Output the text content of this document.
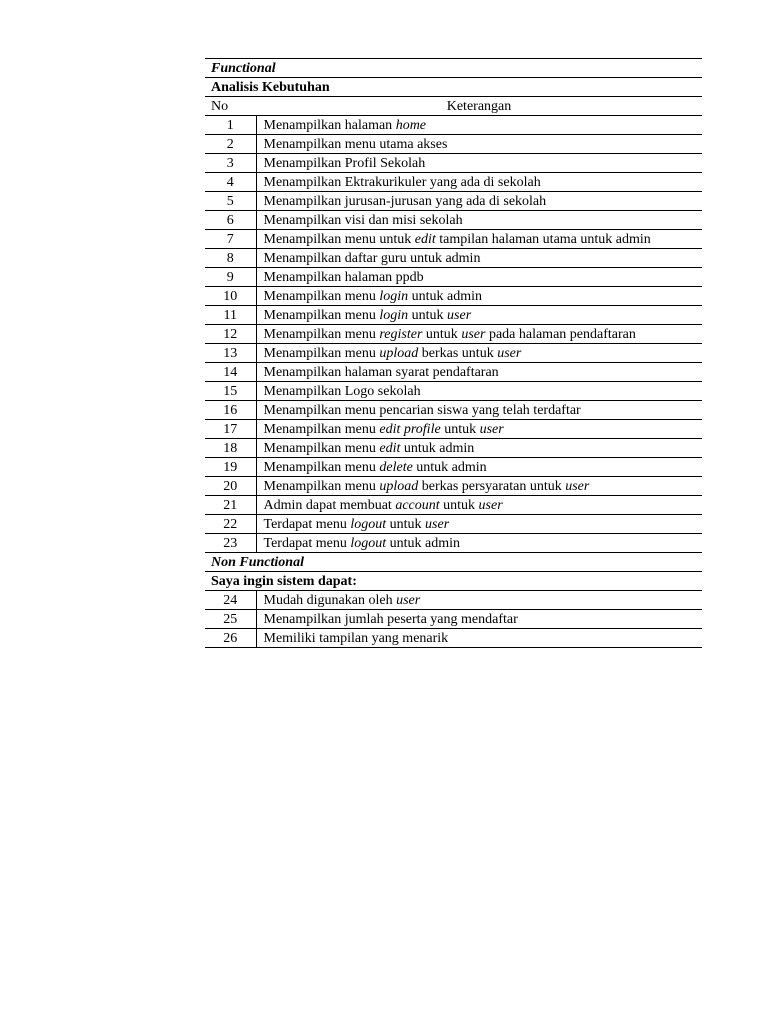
Functional	
Analisis Kebutuhan	
No	Keterangan
1	Menampilkan halaman home
2	Menampilkan menu utama akses
3	Menampilkan Profil Sekolah
4	Menampilkan Ektrakurikuler yang ada di sekolah
5	Menampilkan jurusan-jurusan yang ada di sekolah
6	Menampilkan visi dan misi sekolah
7	Menampilkan menu untuk edit tampilan halaman utama untuk admin
8	Menampilkan daftar guru untuk admin
9	Menampilkan halaman ppdb
10	Menampilkan menu login untuk admin
11	Menampilkan menu login untuk user
12	Menampilkan menu register untuk user pada halaman pendaftaran
13	Menampilkan menu upload berkas untuk user
14	Menampilkan halaman syarat pendaftaran
15	Menampilkan Logo sekolah
16	Menampilkan menu pencarian siswa yang telah terdaftar
17	Menampilkan menu edit profile untuk user
18	Menampilkan menu edit untuk admin
19	Menampilkan menu delete untuk admin
20	Menampilkan menu upload berkas persyaratan untuk user
21	Admin dapat membuat account untuk user
22	Terdapat menu logout untuk user
23	Terdapat menu logout untuk admin
Non Functional	
Saya ingin sistem dapat:	
24	Mudah digunakan oleh user
25	Menampilkan jumlah peserta yang mendaftar
26	Memiliki tampilan yang menarik
